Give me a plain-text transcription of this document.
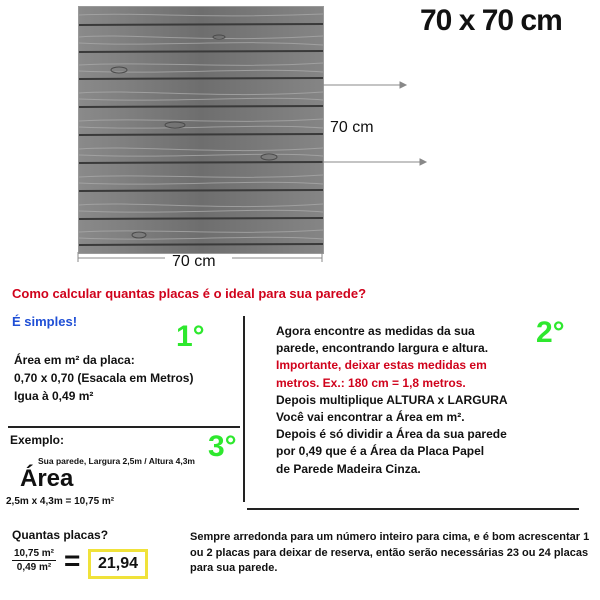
70 x 70 cm
70 cm
70 cm
Como calcular quantas placas é o ideal para sua parede?
É simples!	1°	2°
3°
Área em m² da placa:
0,70 x 0,70 (Esacala em Metros)
Igua à 0,49 m²
Exemplo:
Sua parede, Largura 2,5m / Altura 4,3m
Área
2,5m x 4,3m = 10,75 m²
Agora encontre as medidas da sua
parede, encontrando largura e altura.
Importante, deixar estas medidas em
metros. Ex.: 180 cm = 1,8 metros.
Depois multiplique ALTURA x LARGURA
Você vai encontrar a Área em m².
Depois é só dividir a Área da sua parede
por 0,49 que é a Área da Placa Papel
de Parede Madeira Cinza.
Quantas placas?
10,75 m²
0,49 m² =	21,94
Sempre arredonda para um número inteiro para cima, e é bom acrescentar 1 ou 2 placas para deixar de reserva, então serão necessárias 23 ou 24 placas para sua parede.
